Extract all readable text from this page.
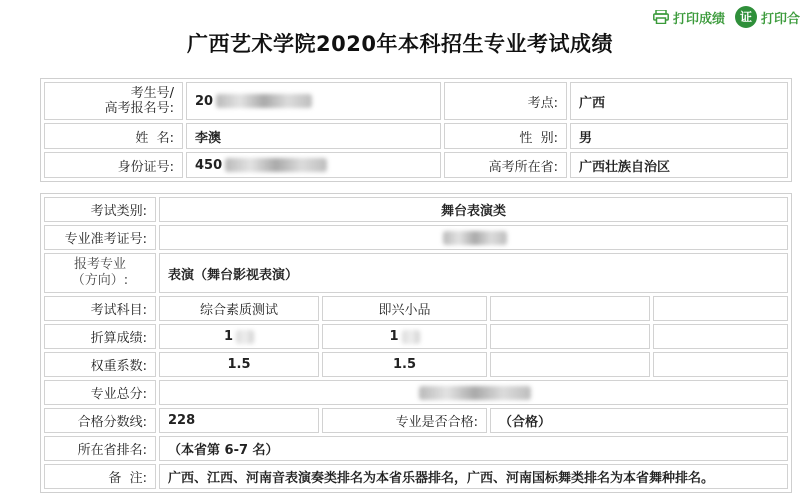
打印成绩	证 打印合
广西艺术学院2020年本科招生专业考试成绩
考生号/
高考报名号:	20	考点:	广西
姓  名:	李澳	性  别:	男
身份证号:	450	高考所在省:	广西壮族自治区
考试类别:	舞台表演类			
专业准考证号:				
报考专业
（方向）:	表演（舞台影视表演）			
考试科目:	综合素质测试	即兴小品		
折算成绩:	1	1		
权重系数:	1.5	1.5		
专业总分:				
合格分数线:	228	专业是否合格:	（合格）	
所在省排名:	（本省第 6-7 名）			
备  注:	广西、江西、河南音表演奏类排名为本省乐器排名，广西、河南国标舞类排名为本省舞种排名。			
